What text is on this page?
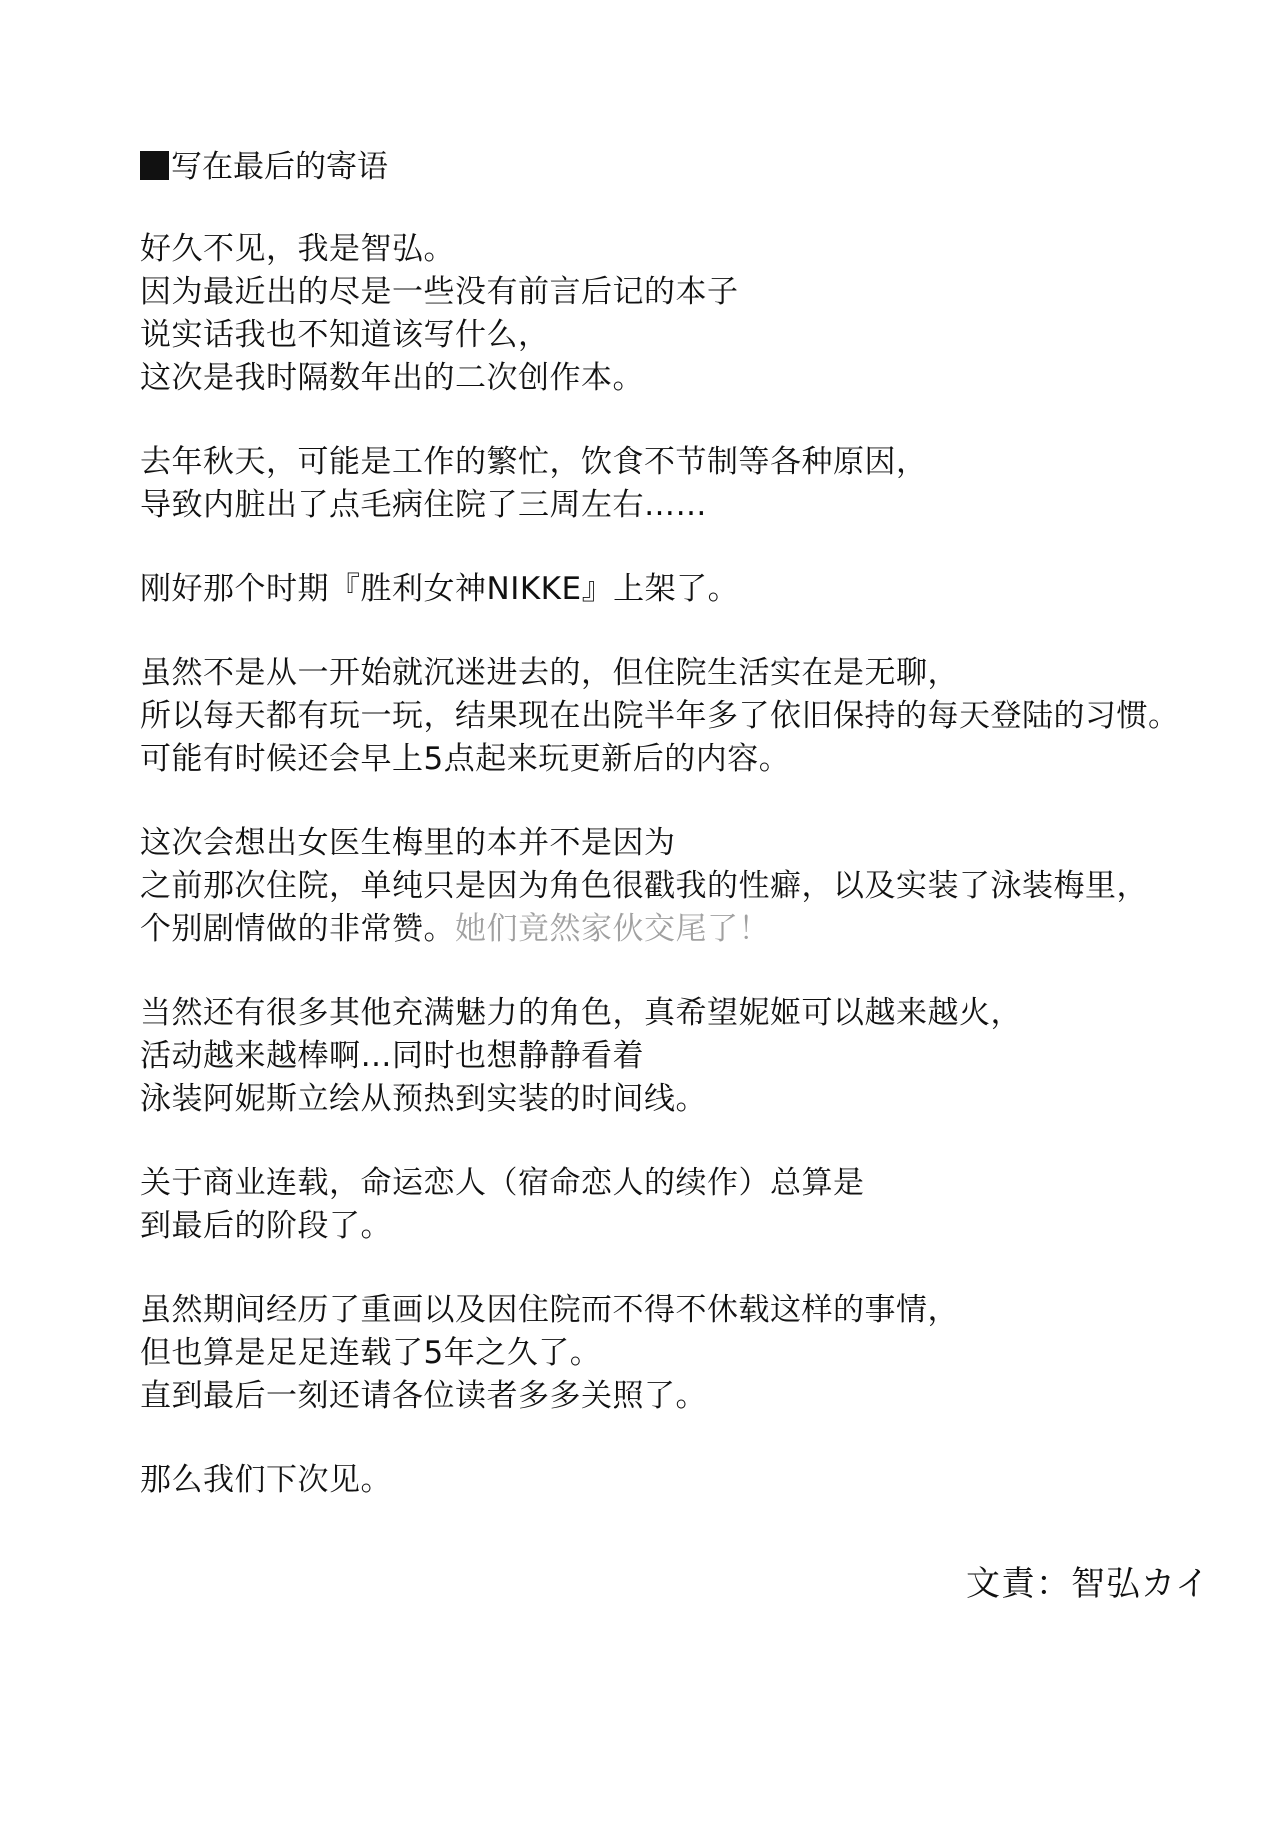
写在最后的寄语
好久不见，我是智弘。
因为最近出的尽是一些没有前言后记的本子
说实话我也不知道该写什么，
这次是我时隔数年出的二次创作本。
去年秋天，可能是工作的繁忙，饮食不节制等各种原因，
导致内脏出了点毛病住院了三周左右……
刚好那个时期『胜利女神NIKKE』上架了。
虽然不是从一开始就沉迷进去的，但住院生活实在是无聊，
所以每天都有玩一玩，结果现在出院半年多了依旧保持的每天登陆的习惯。
可能有时候还会早上5点起来玩更新后的内容。
这次会想出女医生梅里的本并不是因为
之前那次住院，单纯只是因为角色很戳我的性癖，以及实装了泳装梅里，
个别剧情做的非常赞。她们竟然家伙交尾了！
当然还有很多其他充满魅力的角色，真希望妮姬可以越来越火，
活动越来越棒啊…同时也想静静看着
泳装阿妮斯立绘从预热到实装的时间线。
关于商业连载，命运恋人（宿命恋人的续作）总算是
到最后的阶段了。
虽然期间经历了重画以及因住院而不得不休载这样的事情，
但也算是足足连载了5年之久了。
直到最后一刻还请各位读者多多关照了。
那么我们下次见。
文責：智弘カイ
